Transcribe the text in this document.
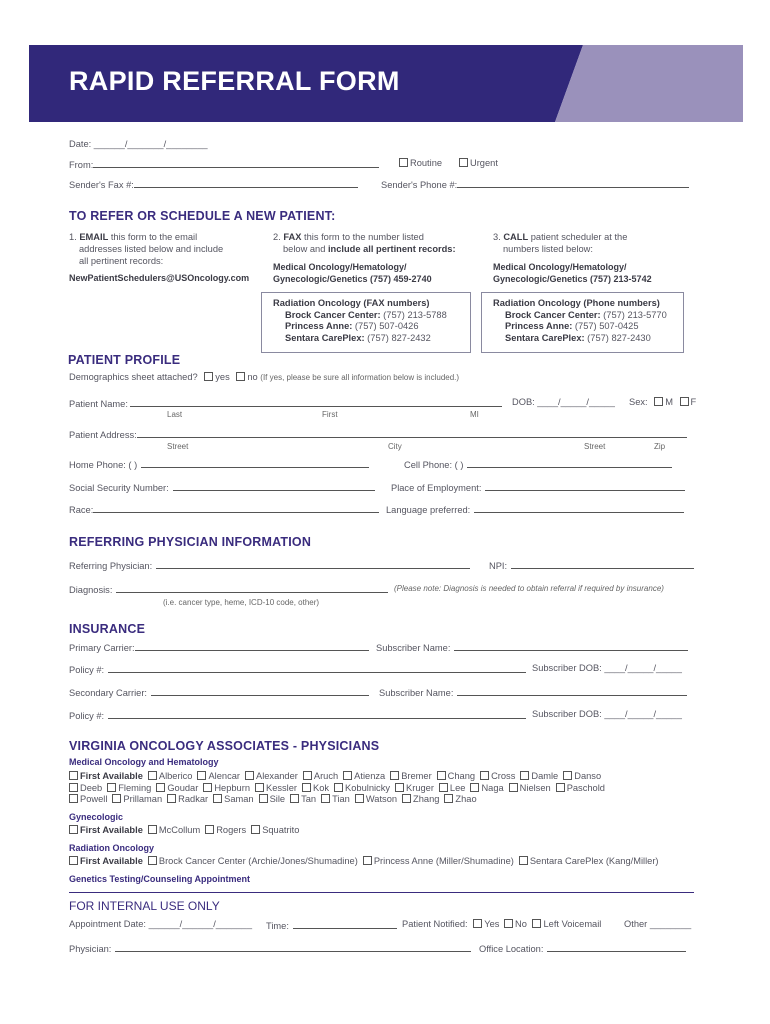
RAPID REFERRAL FORM
Date: ______/_______/________
From:	Routine	Urgent
Sender's Fax #:	Sender's Phone #:
TO REFER OR SCHEDULE A NEW PATIENT:
1. EMAIL this form to the email
addresses listed below and include
all pertinent records:
NewPatientSchedulers@USOncology.com
2. FAX this form to the number listed
below and include all pertinent records:
Medical Oncology/Hematology/
Gynecologic/Genetics (757) 459-2740
3. CALL patient scheduler at the
numbers listed below:
Medical Oncology/Hematology/
Gynecologic/Genetics (757) 213-5742
Radiation Oncology (FAX numbers)
Brock Cancer Center: (757) 213-5788
Princess Anne: (757) 507-0426
Sentara CarePlex: (757) 827-2432
Radiation Oncology (Phone numbers)
Brock Cancer Center: (757) 213-5770
Princess Anne: (757) 507-0425
Sentara CarePlex: (757) 827-2430
PATIENT PROFILE
Demographics sheet attached? yes no (If yes, please be sure all information below is included.)
Patient Name:	DOB: ____/_____/_____ Sex: M F
Last	First	MI
Patient Address:
Street	City	Street	Zip
Home Phone: ( )	Cell Phone: ( )
Social Security Number:	Place of Employment:
Race:	Language preferred:
REFERRING PHYSICIAN INFORMATION
Referring Physician:	NPI:
Diagnosis:	(Please note: Diagnosis is needed to obtain referral if required by insurance)
(i.e. cancer type, heme, ICD-10 code, other)
INSURANCE
Primary Carrier:	Subscriber Name:
Policy #:	Subscriber DOB: ____/_____/_____
Secondary Carrier:	Subscriber Name:
Policy #:	Subscriber DOB: ____/_____/_____
VIRGINIA ONCOLOGY ASSOCIATES - PHYSICIANS
Medical Oncology and Hematology
First Available Alberico Alencar Alexander Aruch Atienza Bremer Chang Cross Damle Danso
Deeb Fleming Goudar Hepburn Kessler Kok Kobulnicky Kruger Lee Naga Nielsen Paschold
Powell Prillaman Radkar Saman Sile Tan Tian Watson Zhang Zhao
Gynecologic
First Available McCollum Rogers Squatrito
Radiation Oncology
First Available Brock Cancer Center (Archie/Jones/Shumadine) Princess Anne (Miller/Shumadine) Sentara CarePlex (Kang/Miller)
Genetics Testing/Counseling Appointment
FOR INTERNAL USE ONLY
Appointment Date: ______/______/_______ Time:	Patient Notified: Yes No Left Voicemail Other ________
Physician:	Office Location:
